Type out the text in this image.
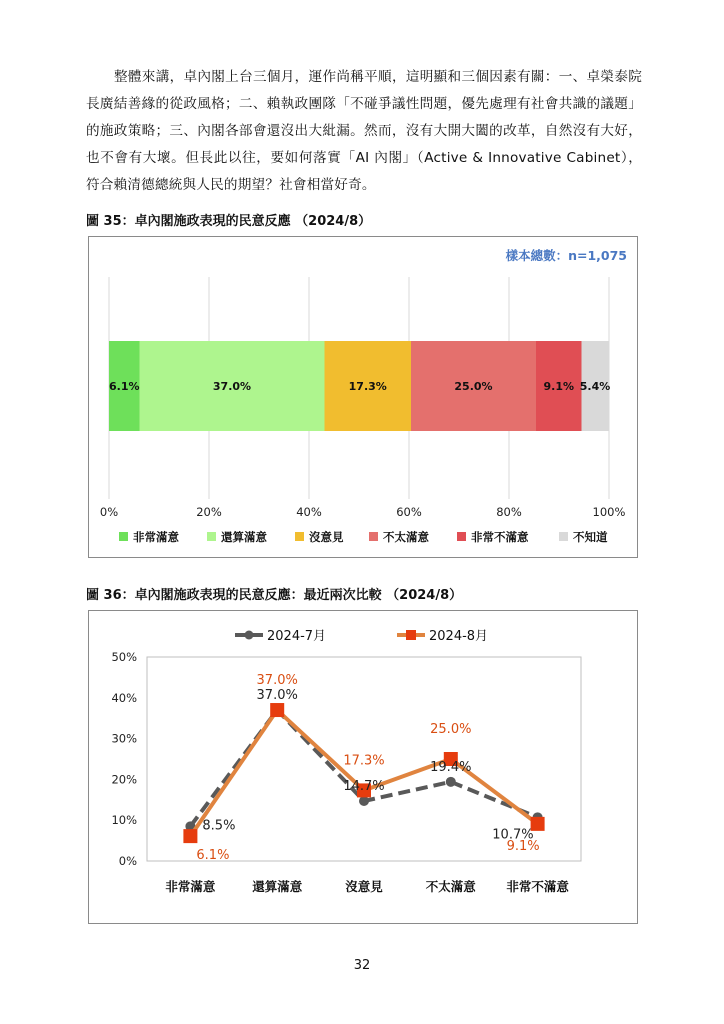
整體來講，卓內閣上台三個月，運作尚稱平順，這明顯和三個因素有關：一、卓榮泰院長廣結善緣的從政風格；二、賴執政團隊「不碰爭議性問題，優先處理有社會共識的議題」的施政策略；三、內閣各部會還沒出大紕漏。然而，沒有大開大闔的改革，自然沒有大好，也不會有大壞。但長此以往，要如何落實「AI 內閣」（Active & Innovative Cabinet），符合賴清德總統與人民的期望？社會相當好奇。

圖 35：卓內閣施政表現的民意反應 （2024/8）
樣本總數：n=1,075
0%	20%	40%	60%	80%	100%
6.1%	37.0%	17.3%	25.0%	9.1% 5.4%
非常滿意	還算滿意	沒意見	不太滿意	非常不滿意	不知道
圖 36：卓內閣施政表現的民意反應：最近兩次比較 （2024/8）
0%
10%
20%
30%
40%
50%
非常滿意	還算滿意	沒意見	不太滿意 非常不滿意
2024-7月	2024-8月
8.5%
37.0%
14.7%
19.4%
10.7%
6.1%
37.0%
17.3%
25.0%
9.1%
32
